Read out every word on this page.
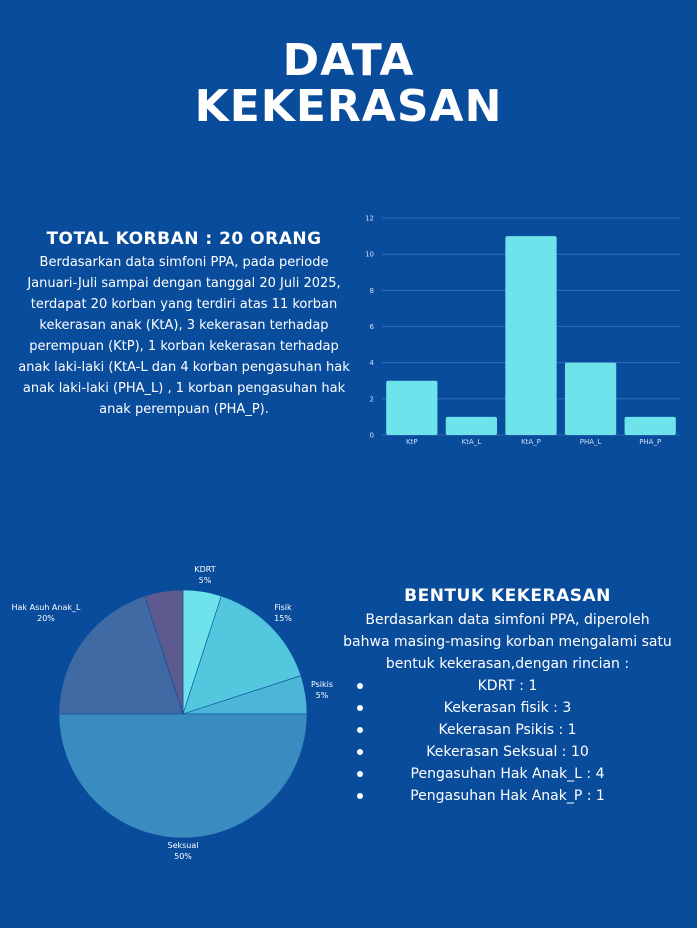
DATA
KEKERASAN
TOTAL KORBAN : 20 ORANG
Berdasarkan data simfoni PPA, pada periode Januari-Juli sampai dengan tanggal 20 Juli 2025, terdapat 20 korban yang terdiri atas 11 korban kekerasan anak (KtA), 3 kekerasan terhadap perempuan (KtP), 1 korban kekerasan terhadap anak laki-laki (KtA-L dan 4 korban pengasuhan hak anak laki-laki (PHA_L) , 1 korban pengasuhan hak anak perempuan (PHA_P).
0
2
4
6
8
10
12
KtP	KtA_L	KtA_P	PHA_L	PHA_P
KDRT
5%
Fisik
15%
Psikis
5%
Seksual
50%
Hak Asuh Anak_L
20%
BENTUK KEKERASAN
Berdasarkan data simfoni PPA, diperoleh bahwa masing-masing korban mengalami satu bentuk kekerasan,dengan rincian :
KDRT : 1
Kekerasan fisik : 3
Kekerasan Psikis : 1
Kekerasan Seksual : 10
Pengasuhan Hak Anak_L : 4
Pengasuhan Hak Anak_P : 1
